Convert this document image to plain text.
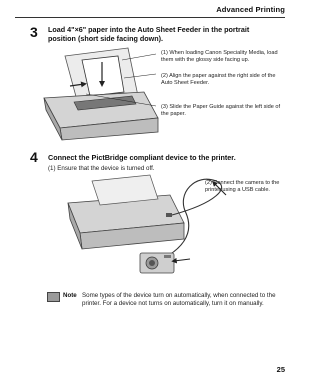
Advanced Printing
3 Load 4"×6" paper into the Auto Sheet Feeder in the portrait position (short side facing down).
(1) When loading Canon Speciality Media, load them with the glossy side facing up.
(2) Align the paper against the right side of the Auto Sheet Feeder.
(3) Slide the Paper Guide against the left side of the paper.
4 Connect the PictBridge compliant device to the printer.
(1) Ensure that the device is turned off.
(2) Connect the camera to the printer using a USB cable.
Note Some types of the device turn on automatically, when connected to the printer. For a device not turns on automatically, turn it on manually.
25
